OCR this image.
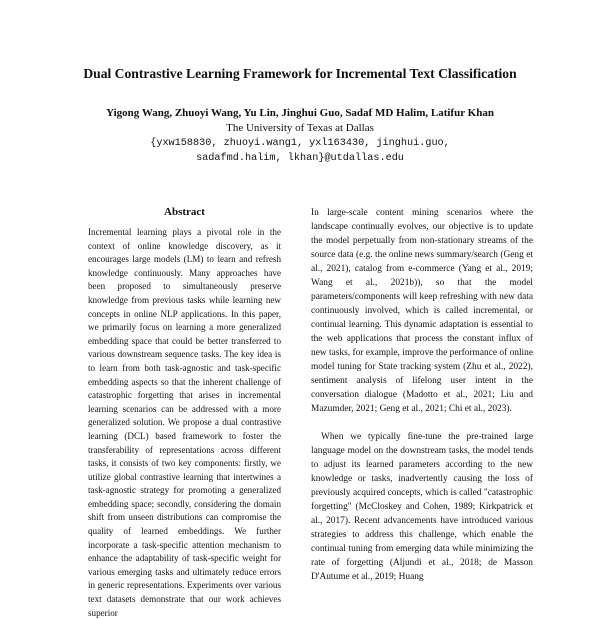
Dual Contrastive Learning Framework for Incremental Text Classification
Yigong Wang, Zhuoyi Wang, Yu Lin, Jinghui Guo, Sadaf MD Halim, Latifur Khan
The University of Texas at Dallas
{yxw158830, zhuoyi.wang1, yxl163430, jinghui.guo,
sadafmd.halim, lkhan}@utdallas.edu
Abstract

Incremental learning plays a pivotal role in the context of online knowledge discovery, as it encourages large models (LM) to learn and refresh knowledge continuously. Many approaches have been proposed to simultaneously preserve knowledge from previous tasks while learning new concepts in online NLP applications. In this paper, we primarily focus on learning a more generalized embedding space that could be better transferred to various downstream sequence tasks. The key idea is to learn from both task-agnostic and task-specific embedding aspects so that the inherent challenge of catastrophic forgetting that arises in incremental learning scenarios can be addressed with a more generalized solution. We propose a dual contrastive learning (DCL) based framework to foster the transferability of representations across different tasks, it consists of two key components: firstly, we utilize global contrastive learning that intertwines a task-agnostic strategy for promoting a generalized embedding space; secondly, considering the domain shift from unseen distributions can compromise the quality of learned embeddings. We further incorporate a task-specific attention mechanism to enhance the adaptability of task-specific weight for various emerging tasks and ultimately reduce errors in generic representations. Experiments over various text datasets demonstrate that our work achieves superior

In large-scale content mining scenarios where the landscape continually evolves, our objective is to update the model perpetually from non-stationary streams of the source data (e.g. the online news summary/search (Geng et al., 2021), catalog from e-commerce (Yang et al., 2019; Wang et al., 2021b)), so that the model parameters/components will keep refreshing with new data continuously involved, which is called incremental, or continual learning. This dynamic adaptation is essential to the web applications that process the constant influx of new tasks, for example, improve the performance of online model tuning for State tracking system (Zhu et al., 2022), sentiment analysis of lifelong user intent in the conversation dialogue (Madotto et al., 2021; Liu and Mazumder, 2021; Geng et al., 2021; Chi et al., 2023).

When we typically fine-tune the pre-trained large language model on the downstream tasks, the model tends to adjust its learned parameters according to the new knowledge or tasks, inadvertently causing the loss of previously acquired concepts, which is called "catastrophic forgetting" (McCloskey and Cohen, 1989; Kirkpatrick et al., 2017). Recent advancements have introduced various strategies to address this challenge, which enable the continual tuning from emerging data while minimizing the rate of forgetting (Aljundi et al., 2018; de Masson D'Autume et al., 2019; Huang
